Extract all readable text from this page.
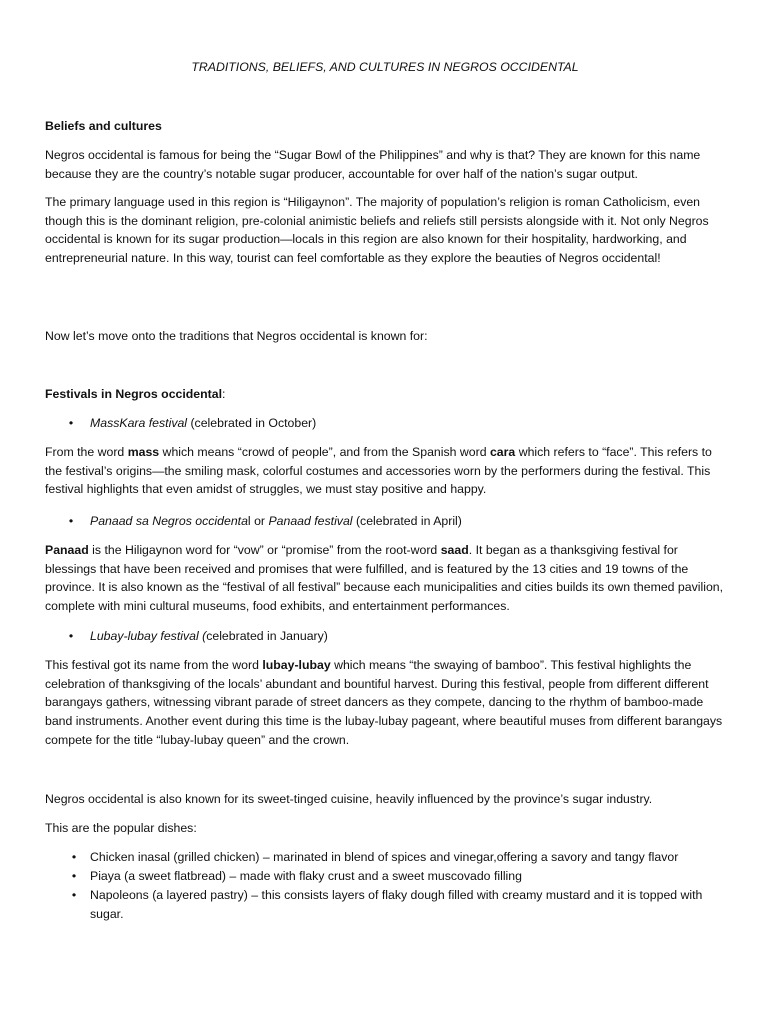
TRADITIONS, BELIEFS, AND CULTURES IN NEGROS OCCIDENTAL
Beliefs and cultures

Negros occidental is famous for being the “Sugar Bowl of the Philippines” and why is that? They are known for this name because they are the country’s notable sugar producer, accountable for over half of the nation’s sugar output.

The primary language used in this region is “Hiligaynon”. The majority of population’s religion is roman Catholicism, even though this is the dominant religion, pre-colonial animistic beliefs and reliefs still persists alongside with it. Not only Negros occidental is known for its sugar production—locals in this region are also known for their hospitality, hardworking, and entrepreneurial nature. In this way, tourist can feel comfortable as they explore the beauties of Negros occidental!

Now let’s move onto the traditions that Negros occidental is known for:

Festivals in Negros occidental:
•	MassKara festival (celebrated in October)

From the word mass which means “crowd of people”, and from the Spanish word cara which refers to “face”. This refers to the festival’s origins—the smiling mask, colorful costumes and accessories worn by the performers during the festival. This festival highlights that even amidst of struggles, we must stay positive and happy.

•	Panaad sa Negros occidental or Panaad festival (celebrated in April)

Panaad is the Hiligaynon word for “vow” or “promise” from the root-word saad. It began as a thanksgiving festival for blessings that have been received and promises that were fulfilled, and is featured by the 13 cities and 19 towns of the province. It is also known as the “festival of all festival” because each municipalities and cities builds its own themed pavilion, complete with mini cultural museums, food exhibits, and entertainment performances.

•	Lubay-lubay festival (celebrated in January)

This festival got its name from the word lubay-lubay which means “the swaying of bamboo”. This festival highlights the celebration of thanksgiving of the locals’ abundant and bountiful harvest. During this festival, people from different different barangays gathers, witnessing vibrant parade of street dancers as they compete, dancing to the rhythm of bamboo-made band instruments. Another event during this time is the lubay-lubay pageant, where beautiful muses from different barangays compete for the title “lubay-lubay queen” and the crown.

Negros occidental is also known for its sweet-tinged cuisine, heavily influenced by the province’s sugar industry.

This are the popular dishes:

•	Chicken inasal (grilled chicken) – marinated in blend of spices and vinegar,offering a savory and tangy flavor
•	Piaya (a sweet flatbread) – made with flaky crust and a sweet muscovado filling
•	Napoleons (a layered pastry) – this consists layers of flaky dough filled with creamy mustard and it is topped with sugar.
